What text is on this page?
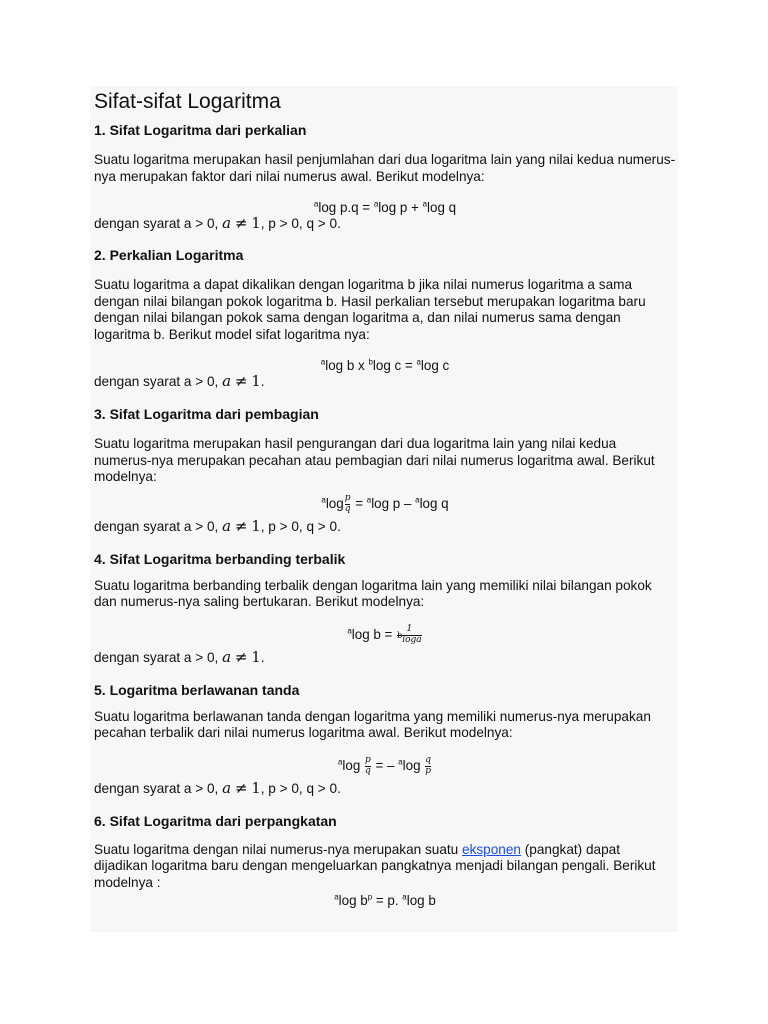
Sifat-sifat Logaritma
1. Sifat Logaritma dari perkalian

Suatu logaritma merupakan hasil penjumlahan dari dua logaritma lain yang nilai kedua numerus-nya merupakan faktor dari nilai numerus awal. Berikut modelnya:

$^a$log p.q = $^a$log p + $^a$log q
dengan syarat a > 0, a ≠ 1, p > 0, q > 0.
2. Perkalian Logaritma

Suatu logaritma a dapat dikalikan dengan logaritma b jika nilai numerus logaritma a sama dengan nilai bilangan pokok logaritma b. Hasil perkalian tersebut merupakan logaritma baru dengan nilai bilangan pokok sama dengan logaritma a, dan nilai numerus sama dengan logaritma b. Berikut model sifat logaritma nya:

$^a$log b x $^b$log c = $^a$log c
dengan syarat a > 0, a ≠ 1.
3. Sifat Logaritma dari pembagian

Suatu logaritma merupakan hasil pengurangan dari dua logaritma lain yang nilai kedua numerus-nya merupakan pecahan atau pembagian dari nilai numerus logaritma awal. Berikut modelnya:

$^a\log \frac{p}{q} = ^a\log$ p – $^a$log q
dengan syarat a > 0, a ≠ 1, p > 0, q > 0.
4. Sifat Logaritma berbanding terbalik

Suatu logaritma berbanding terbalik dengan logaritma lain yang memiliki nilai bilangan pokok dan numerus-nya saling bertukaran. Berikut modelnya:

$^a$log $b = \frac{1}{^b\log a}$
dengan syarat a > 0, a ≠ 1.
5. Logaritma berlawanan tanda

Suatu logaritma berlawanan tanda dengan logaritma yang memiliki numerus-nya merupakan pecahan terbalik dari nilai numerus logaritma awal. Berikut modelnya:

$^a\log \frac{p}{q}$ = – $^a\log \frac{q}{p}$
dengan syarat a > 0, a ≠ 1, p > 0, q > 0.
6. Sifat Logaritma dari perpangkatan

Suatu logaritma dengan nilai numerus-nya merupakan suatu eksponen (pangkat) dapat dijadikan logaritma baru dengan mengeluarkan pangkatnya menjadi bilangan pengali. Berikut modelnya :

$^a$log $b^p = p$. $^a$log b
